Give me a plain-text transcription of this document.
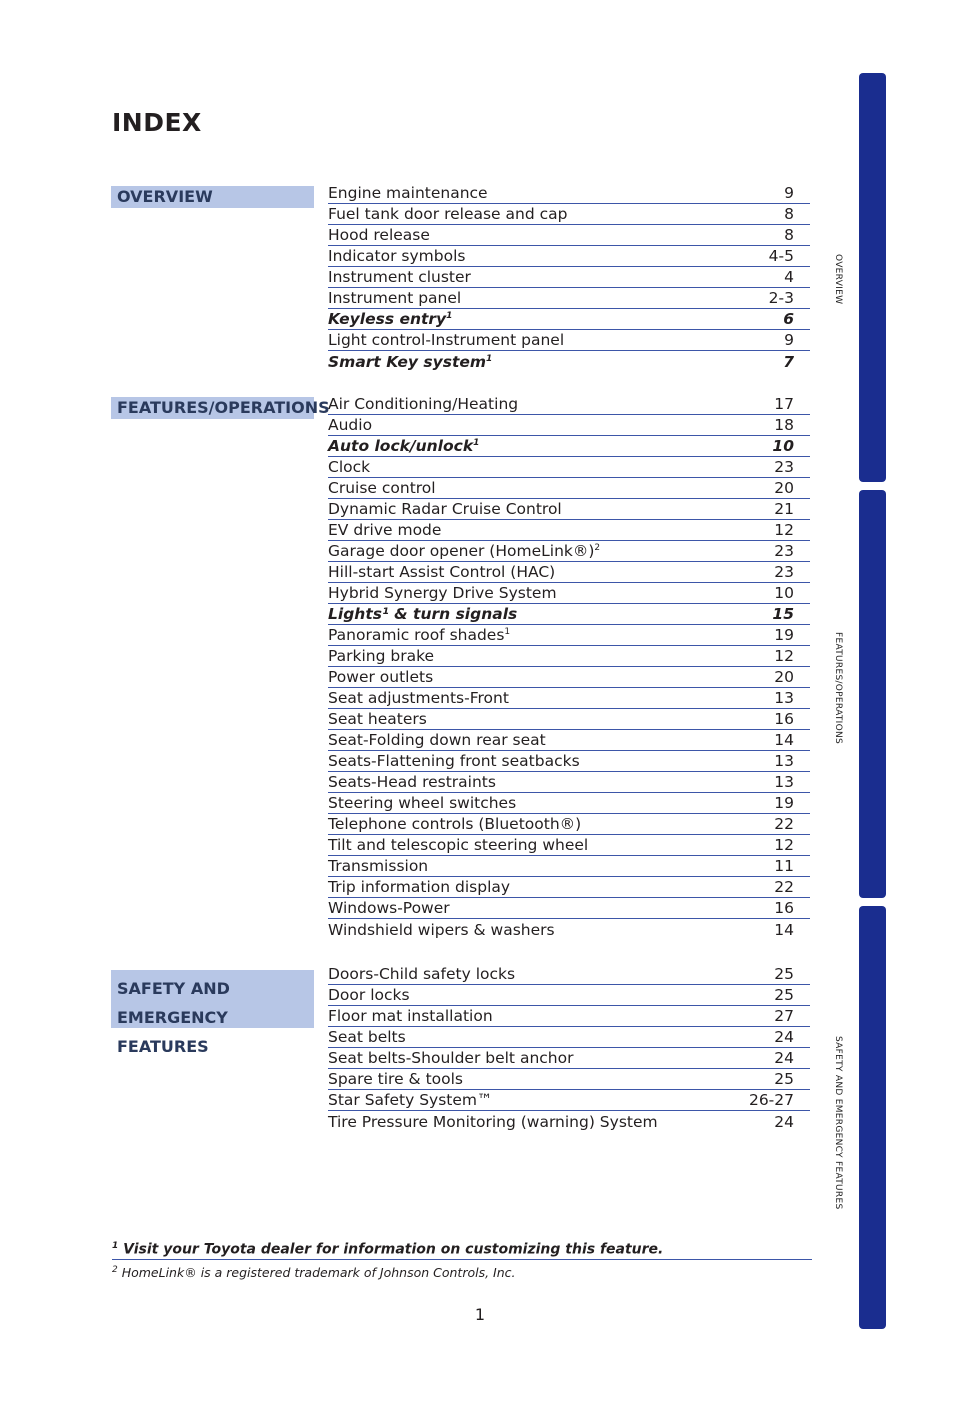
INDEX
OVERVIEW
FEATURES/OPERATIONS
SAFETY AND
EMERGENCY FEATURES
Engine maintenance	9
Fuel tank door release and cap	8
Hood release	8
Indicator symbols	4-5
Instrument cluster	4
Instrument panel	2-3
Keyless entry$^1$	6
Light control-Instrument panel	9
Smart Key system$^1$	7
Air Conditioning/Heating	17
Audio	18
Auto lock/unlock$^1$	10
Clock	23
Cruise control	20
Dynamic Radar Cruise Control	21
EV drive mode	12
Garage door opener (HomeLink®)$^2$	23
Hill-start Assist Control (HAC)	23
Hybrid Synergy Drive System	10
Lights¹ & turn signals	15
Panoramic roof shades$^1$	19
Parking brake	12
Power outlets	20
Seat adjustments-Front	13
Seat heaters	16
Seat-Folding down rear seat	14
Seats-Flattening front seatbacks	13
Seats-Head restraints	13
Steering wheel switches	19
Telephone controls (Bluetooth®)	22
Tilt and telescopic steering wheel	12
Transmission	11
Trip information display	22
Windows-Power	16
Windshield wipers & washers	14
Doors-Child safety locks	25
Door locks	25
Floor mat installation	27
Seat belts	24
Seat belts-Shoulder belt anchor	24
Spare tire & tools	25
Star Safety System™	26-27
Tire Pressure Monitoring (warning) System	24
OVERVIEW
FEATURES/OPERATIONS
SAFETY AND EMERGENCY FEATURES
$^1$ Visit your Toyota dealer for information on customizing this feature.
$^2$ HomeLink® is a registered trademark of Johnson Controls, Inc.
1
